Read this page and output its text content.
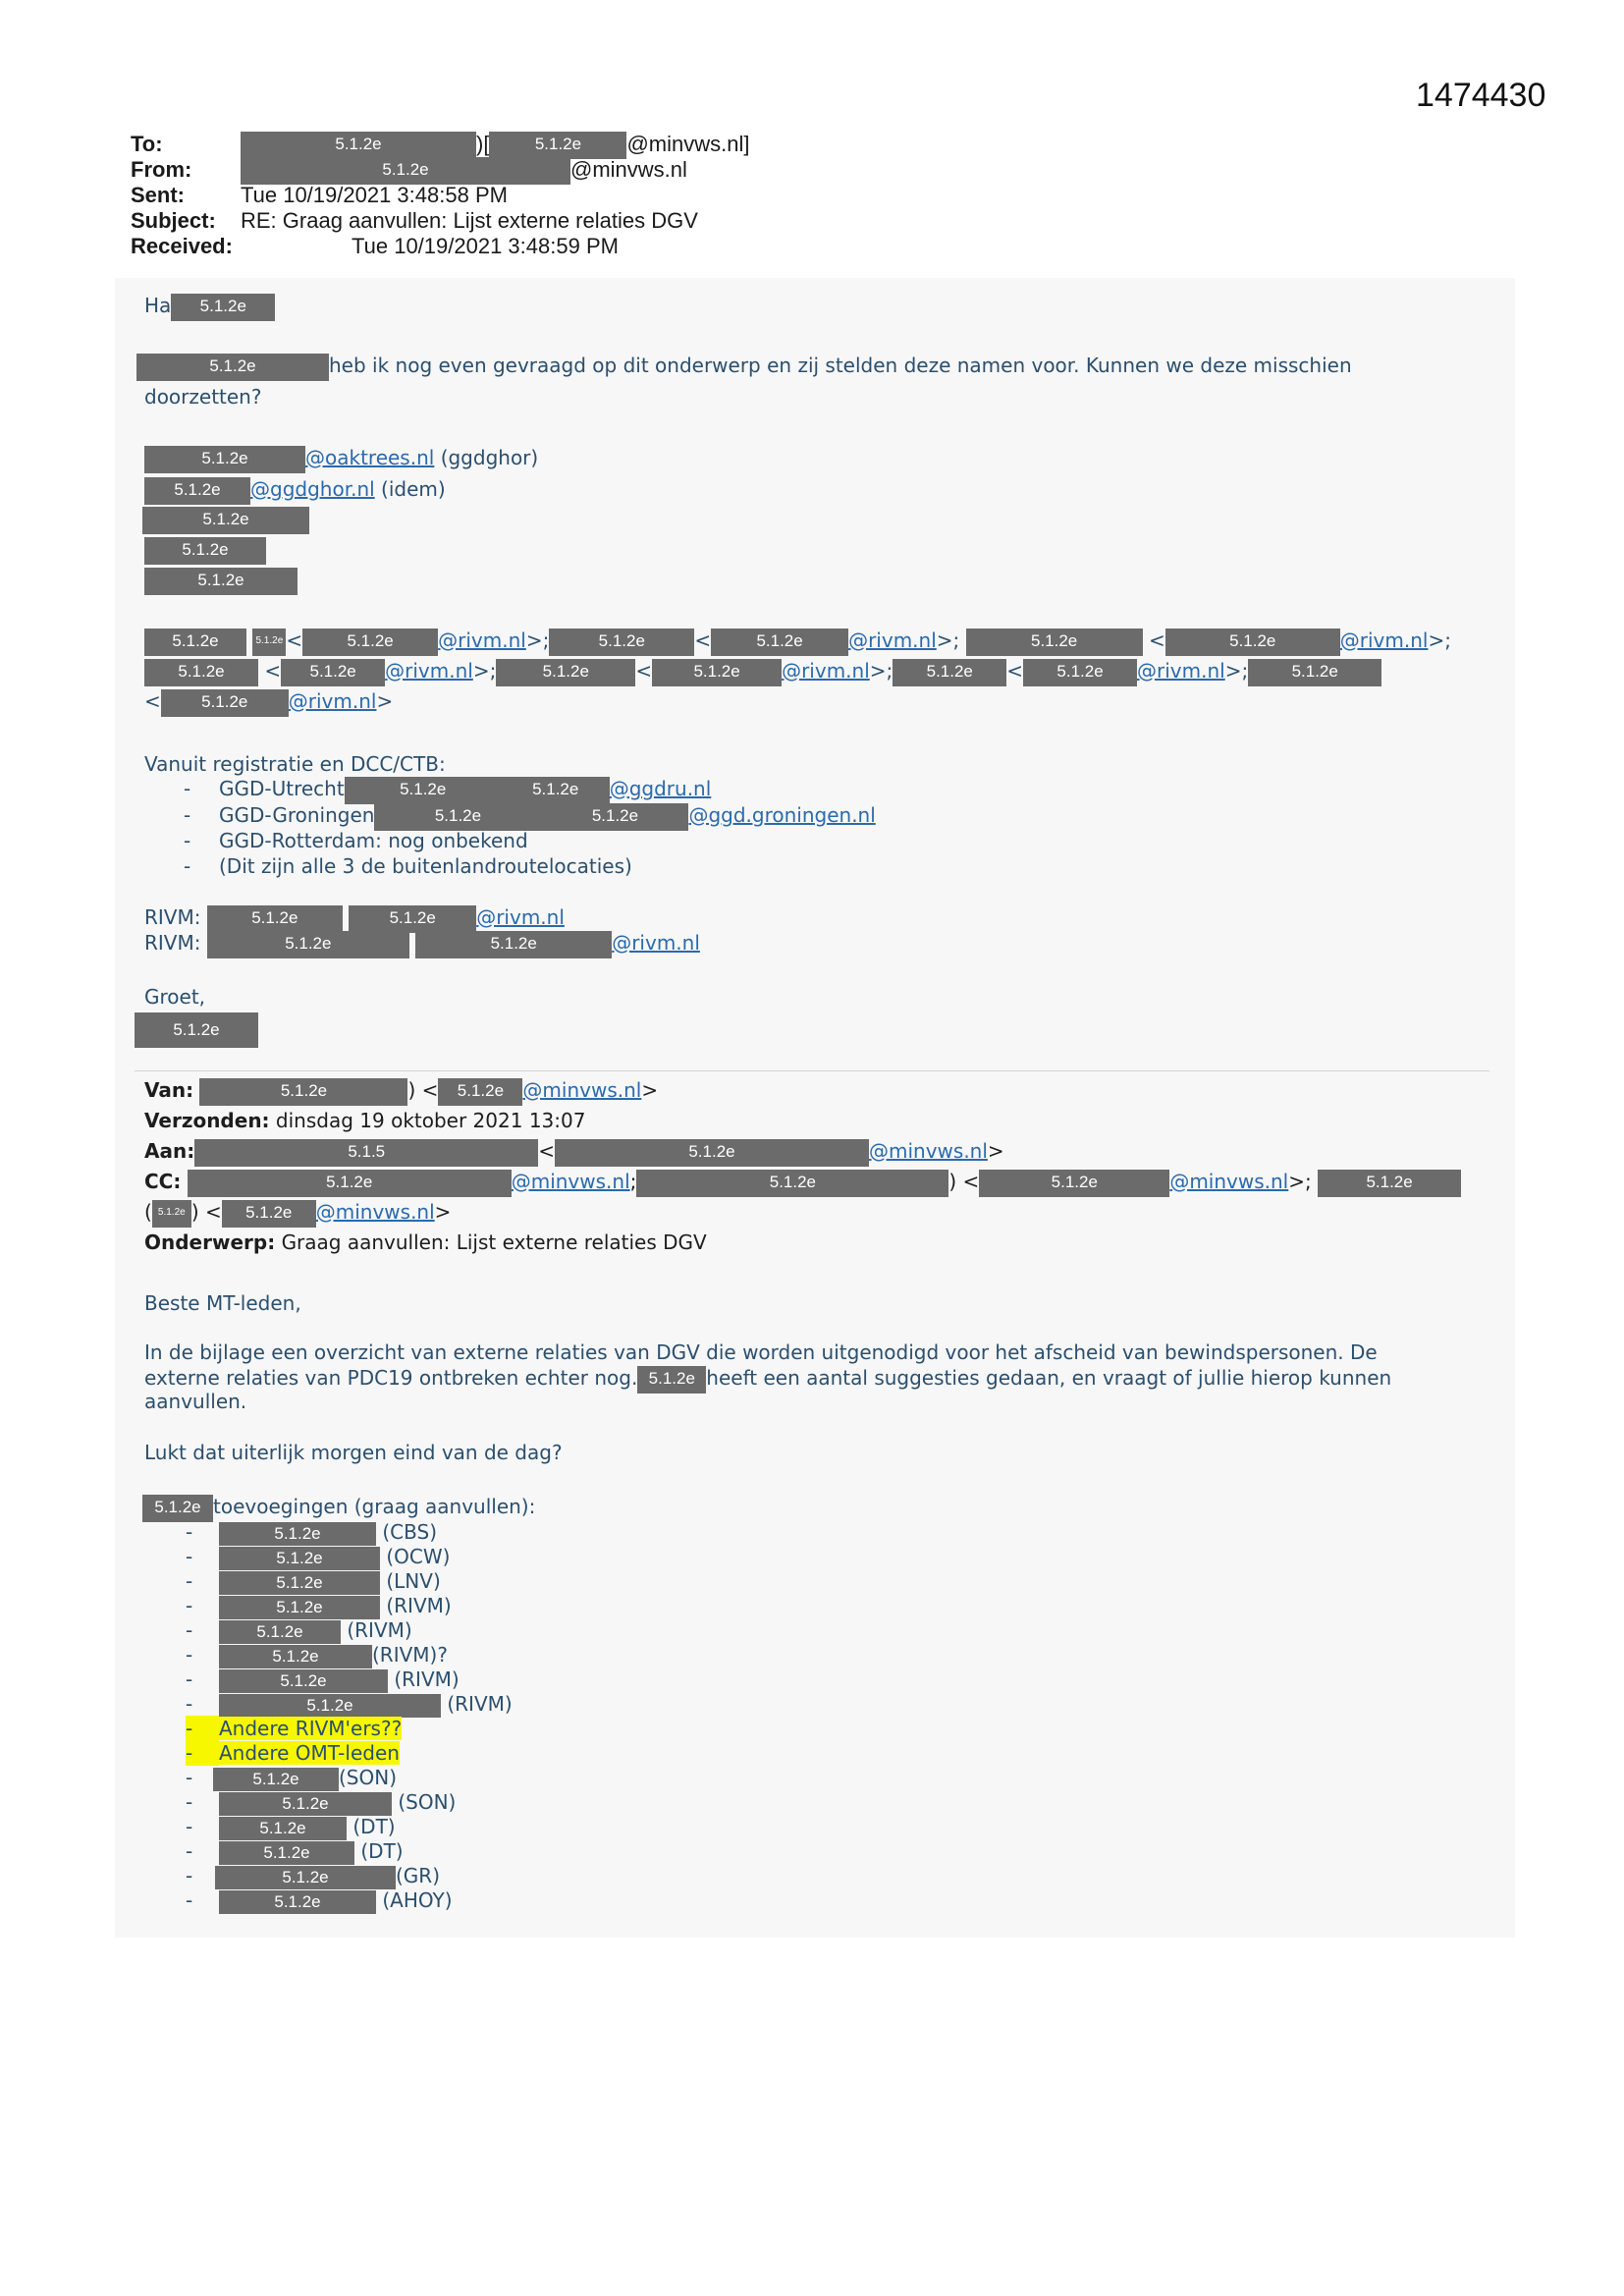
1474430
To:	5.1.2e	)[	5.1.2e @minvws.nl]
From:	5.1.2e	@minvws.nl
Sent:	Tue 10/19/2021 3:48:58 PM
Subject: RE: Graag aanvullen: Lijst externe relaties DGV
Received:	Tue 10/19/2021 3:48:59 PM
Ha 5.1.2e
5.1.2e	heb ik nog even gevraagd op dit onderwerp en zij stelden deze namen voor. Kunnen we deze misschien
doorzetten?
5.1.2e	@oaktrees.nl (ggdghor)
5.1.2e @ggdghor.nl (idem)
5.1.2e
5.1.2e
5.1.2e
5.1.2e	5.1.2e <	5.1.2e @rivm.nl>;	5.1.2e	<	5.1.2e @rivm.nl>;	5.1.2e	<	5.1.2e	@rivm.nl>;
5.1.2e < 5.1.2e @rivm.nl>;	5.1.2e < 5.1.2e @rivm.nl>; 5.1.2e < 5.1.2e @rivm.nl>;	5.1.2e
< 5.1.2e @rivm.nl>
Vanuit registratie en DCC/CTB:
- GGD-Utrecht	5.1.2e	5.1.2e @ggdru.nl
- GGD-Groningen	5.1.2e	5.1.2e	@ggd.groningen.nl
- GGD-Rotterdam: nog onbekend
- (Dit zijn alle 3 de buitenlandroutelocaties)
RIVM:	5.1.2e	5.1.2e @rivm.nl
RIVM:	5.1.2e	5.1.2e	@rivm.nl
Groet,
5.1.2e
Van:	5.1.2e	) < 5.1.2e @minvws.nl>
Verzonden: dinsdag 19 oktober 2021 13:07
Aan:	5.1.5	<	5.1.2e	@minvws.nl>
CC:	5.1.2e	@minvws.nl;	5.1.2e	) <	5.1.2e	@minvws.nl>;	5.1.2e
( 5.1.2e ) < 5.1.2e @minvws.nl>
Onderwerp: Graag aanvullen: Lijst externe relaties DGV
Beste MT-leden,
In de bijlage een overzicht van externe relaties van DGV die worden uitgenodigd voor het afscheid van bewindspersonen. De
externe relaties van PDC19 ontbreken echter nog. 5.1.2e heeft een aantal suggesties gedaan, en vraagt of jullie hierop kunnen
aanvullen.
Lukt dat uiterlijk morgen eind van de dag?
5.1.2e toevoegingen (graag aanvullen):
-	5.1.2e	(CBS)
-	5.1.2e	(OCW)
-	5.1.2e	(LNV)
-	5.1.2e	(RIVM)
-	5.1.2e (RIVM)
-	5.1.2e	(RIVM)?
-	5.1.2e	(RIVM)
-	5.1.2e	(RIVM)
- Andere RIVM'ers??
- Andere OMT-leden
-	5.1.2e (SON)
-	5.1.2e	(SON)
-	5.1.2e (DT)
-	5.1.2e	(DT)
-	5.1.2e	(GR)
-	5.1.2e	(AHOY)
